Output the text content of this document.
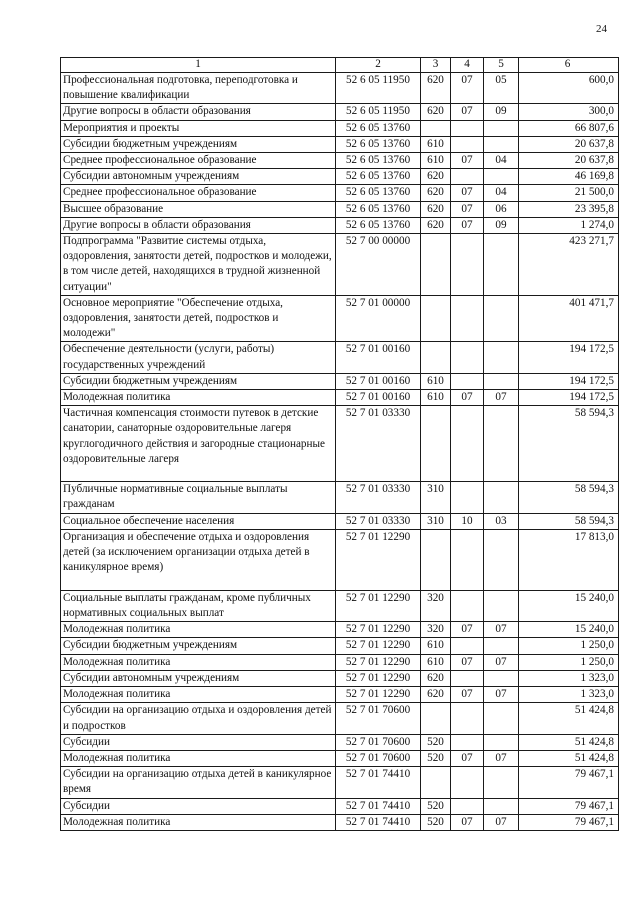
24
1	2	3	4	5	6
Профессиональная подготовка, переподготовка и повышение квалификации	52 6 05 11950	620	07	05	600,0
Другие вопросы в области образования	52 6 05 11950	620	07	09	300,0
Мероприятия и проекты	52 6 05 13760				66 807,6
Субсидии бюджетным учреждениям	52 6 05 13760	610			20 637,8
Среднее профессиональное образование	52 6 05 13760	610	07	04	20 637,8
Субсидии автономным учреждениям	52 6 05 13760	620			46 169,8
Среднее профессиональное образование	52 6 05 13760	620	07	04	21 500,0
Высшее образование	52 6 05 13760	620	07	06	23 395,8
Другие вопросы в области образования	52 6 05 13760	620	07	09	1 274,0
Подпрограмма "Развитие системы отдыха, оздоровления, занятости детей, подростков и молодежи, в том числе детей, находящихся в трудной жизненной ситуации"	52 7 00 00000				423 271,7
Основное мероприятие "Обеспечение отдыха, оздоровления, занятости детей, подростков и молодежи"	52 7 01 00000				401 471,7
Обеспечение деятельности (услуги, работы) государственных учреждений	52 7 01 00160				194 172,5
Субсидии бюджетным учреждениям	52 7 01 00160	610			194 172,5
Молодежная политика	52 7 01 00160	610	07	07	194 172,5
Частичная компенсация стоимости путевок в детские санатории, санаторные оздоровительные лагеря круглогодичного действия и загородные стационарные оздоровительные лагеря	52 7 01 03330				58 594,3
Публичные нормативные социальные выплаты гражданам	52 7 01 03330	310			58 594,3
Социальное обеспечение населения	52 7 01 03330	310	10	03	58 594,3
Организация и обеспечение отдыха и оздоровления детей (за исключением организации отдыха детей в каникулярное время)	52 7 01 12290				17 813,0
Социальные выплаты гражданам, кроме публичных нормативных социальных выплат	52 7 01 12290	320			15 240,0
Молодежная политика	52 7 01 12290	320	07	07	15 240,0
Субсидии бюджетным учреждениям	52 7 01 12290	610			1 250,0
Молодежная политика	52 7 01 12290	610	07	07	1 250,0
Субсидии автономным учреждениям	52 7 01 12290	620			1 323,0
Молодежная политика	52 7 01 12290	620	07	07	1 323,0
Субсидии на организацию отдыха и оздоровления детей и подростков	52 7 01 70600				51 424,8
Субсидии	52 7 01 70600	520			51 424,8
Молодежная политика	52 7 01 70600	520	07	07	51 424,8
Субсидии на организацию отдыха детей в каникулярное время	52 7 01 74410				79 467,1
Субсидии	52 7 01 74410	520			79 467,1
Молодежная политика	52 7 01 74410	520	07	07	79 467,1
